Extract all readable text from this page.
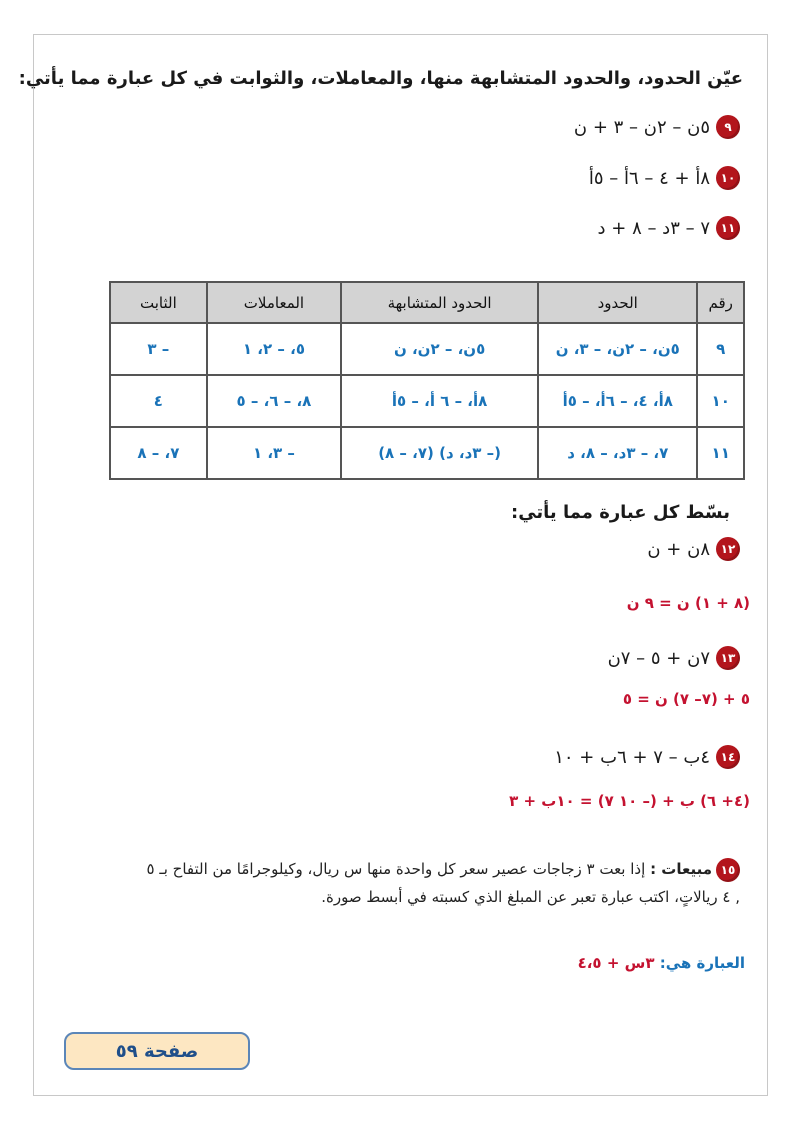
عيّن الحدود، والحدود المتشابهة منها، والمعاملات، والثوابت في كل عبارة مما يأتي:
٩
٥ن – ٢ن – ٣ + ن
١٠
٨أ + ٤ – ٦أ – ٥أ
١١
٧ – ٣د – ٨ + د
رقم	الحدود	الحدود المتشابهة	المعاملات	الثابت
٩	٥ن، – ٢ن، – ٣، ن	٥ن، – ٢ن، ن	٥، – ٢، ١	– ٣
١٠	٨أ، ٤، – ٦أ، – ٥أ	٨أ، – ٦ أ، – ٥أ	٨، – ٦، – ٥	٤
١١	٧، – ٣د، – ٨، د	(– ٣د، د) (٧، – ٨)	– ٣، ١	٧، – ٨
بسّط كل عبارة مما يأتي:
١٢
٨ن + ن
(٨ + ١) ن = ٩ ن
١٣
٧ن + ٥ – ٧ن
٥ + (٧– ٧) ن = ٥
١٤
٤ب – ٧ + ٦ب + ١٠
(٤+ ٦) ب + (– ١٠ ٧) = ١٠ب + ٣
١٥مبيعات : إذا بعت ٣ زجاجات عصير سعر كل واحدة منها س ريال، وكيلوجرامًا من التفاح بـ ٥ , ٤ ريالاتٍ، اكتب عبارة تعبر عن المبلغ الذي كسبته في أبسط صورة.
العبارة هي: ٣س + ٤،٥
صفحة ٥٩
